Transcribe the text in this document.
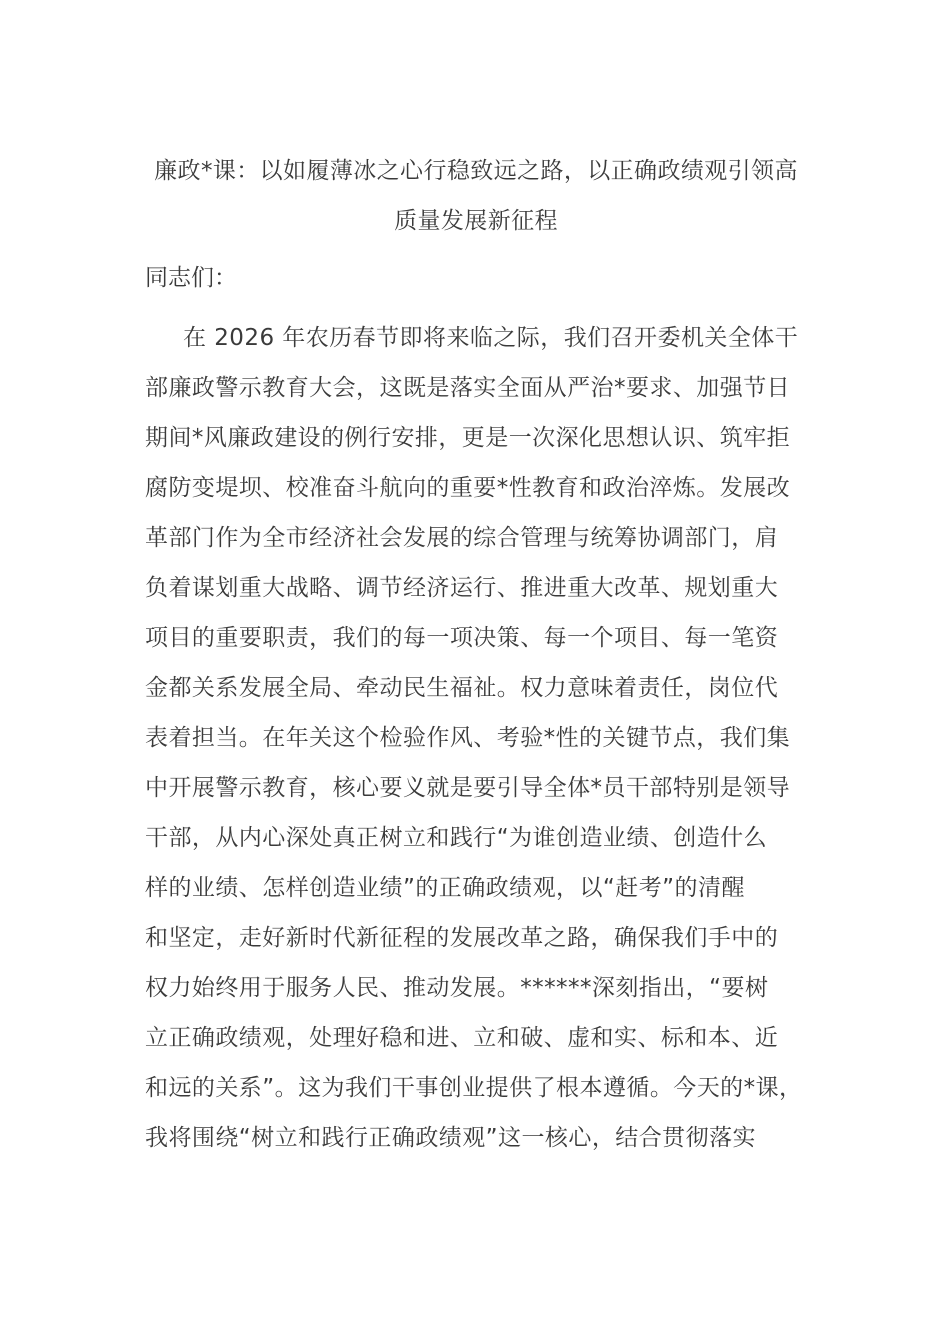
廉政*课：以如履薄冰之心行稳致远之路，以正确政绩观引领高
质量发展新征程

同志们：

在 2026 年农历春节即将来临之际，我们召开委机关全体干
部廉政警示教育大会，这既是落实全面从严治*要求、加强节日
期间*风廉政建设的例行安排，更是一次深化思想认识、筑牢拒
腐防变堤坝、校准奋斗航向的重要*性教育和政治淬炼。发展改
革部门作为全市经济社会发展的综合管理与统筹协调部门，肩
负着谋划重大战略、调节经济运行、推进重大改革、规划重大
项目的重要职责，我们的每一项决策、每一个项目、每一笔资
金都关系发展全局、牵动民生福祉。权力意味着责任，岗位代
表着担当。在年关这个检验作风、考验*性的关键节点，我们集
中开展警示教育，核心要义就是要引导全体*员干部特别是领导
干部，从内心深处真正树立和践行“为谁创造业绩、创造什么
样的业绩、怎样创造业绩”的正确政绩观，以“赶考”的清醒
和坚定，走好新时代新征程的发展改革之路，确保我们手中的
权力始终用于服务人民、推动发展。******深刻指出，“要树
立正确政绩观，处理好稳和进、立和破、虚和实、标和本、近
和远的关系”。这为我们干事创业提供了根本遵循。今天的*课，
我将围绕“树立和践行正确政绩观”这一核心，结合贯彻落实
